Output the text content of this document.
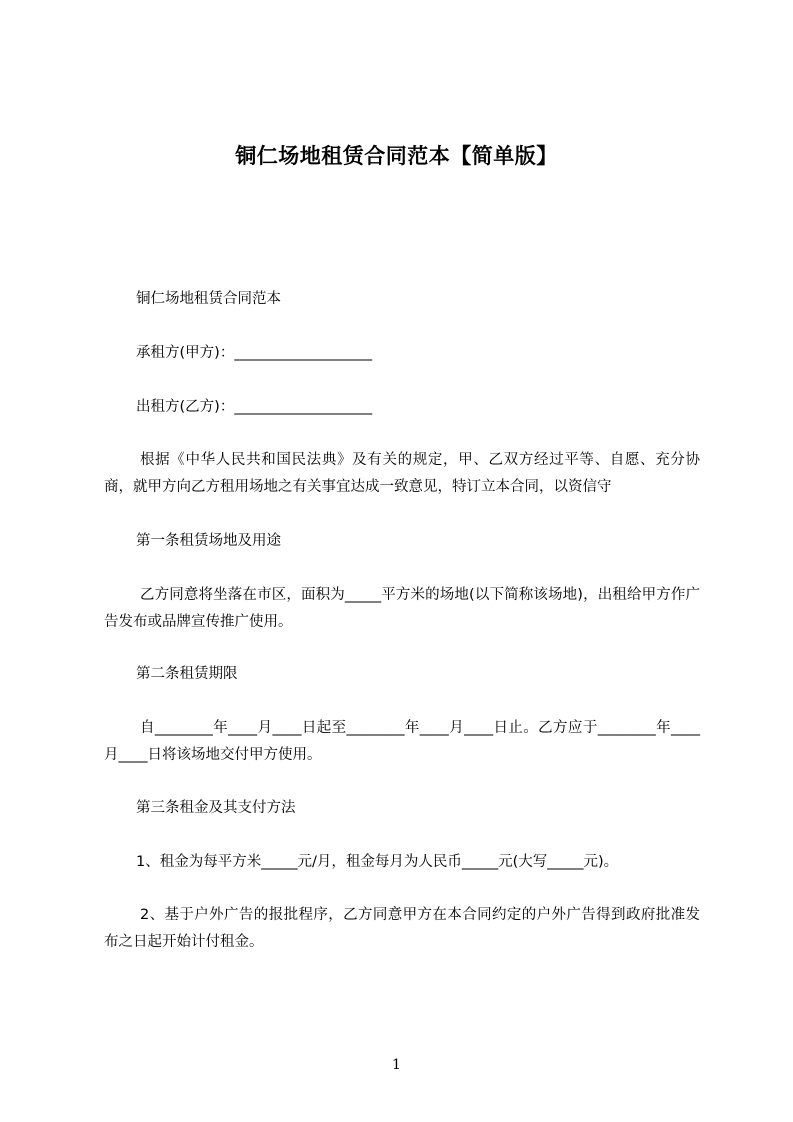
铜仁场地租赁合同范本【简单版】
铜仁场地租赁合同范本
承租方(甲方)：___________________
出租方(乙方)：___________________
根据《中华人民共和国民法典》及有关的规定，甲、乙双方经过平等、自愿、充分协商，就甲方向乙方租用场地之有关事宜达成一致意见，特订立本合同，以资信守
第一条租赁场地及用途
乙方同意将坐落在市区，面积为_____平方米的场地(以下简称该场地)，出租给甲方作广告发布或品牌宣传推广使用。
第二条租赁期限
自________年____月____日起至________年____月____日止。乙方应于________年____月____日将该场地交付甲方使用。
第三条租金及其支付方法
1、租金为每平方米_____元/月，租金每月为人民币_____元(大写_____元)。
2、基于户外广告的报批程序，乙方同意甲方在本合同约定的户外广告得到政府批准发布之日起开始计付租金。
1
